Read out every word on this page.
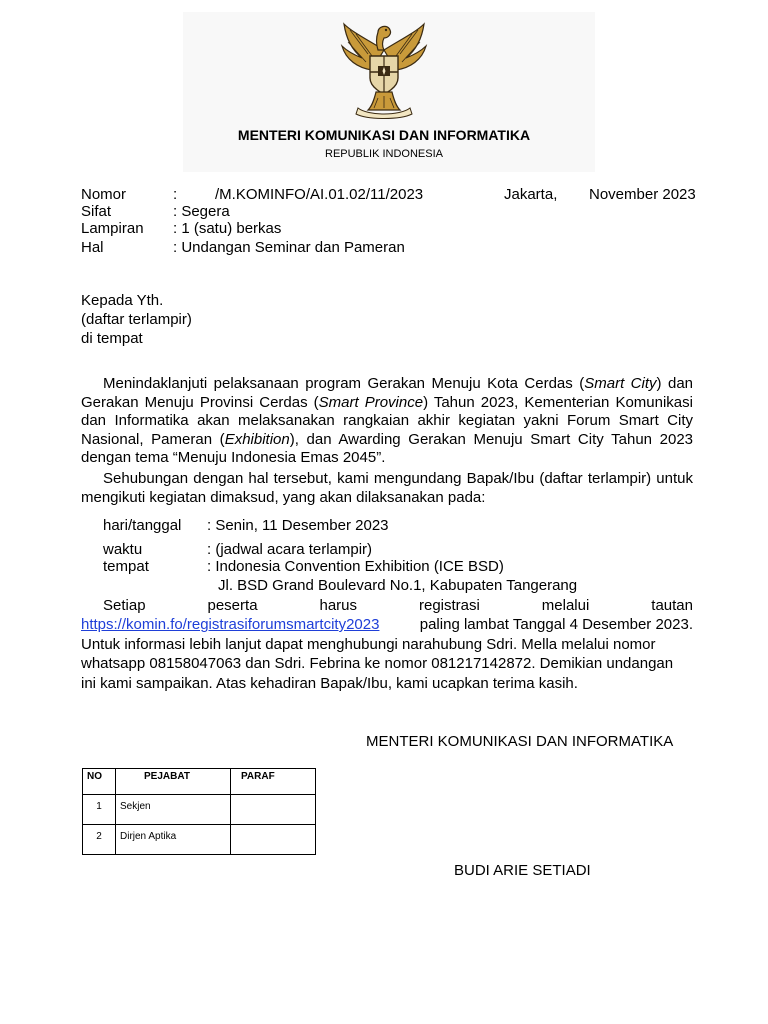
MENTERI KOMUNIKASI DAN INFORMATIKA
REPUBLIK INDONESIA
Nomor	:	/M.KOMINFO/AI.01.02/11/2023	Jakarta, November 2023
Sifat	: Segera
Lampiran : 1 (satu) berkas
Hal	: Undangan Seminar dan Pameran
Kepada Yth.
(daftar terlampir)
di tempat
Menindaklanjuti pelaksanaan program Gerakan Menuju Kota Cerdas (Smart City) dan Gerakan Menuju Provinsi Cerdas (Smart Province) Tahun 2023, Kementerian Komunikasi dan Informatika akan melaksanakan rangkaian akhir kegiatan yakni Forum Smart City Nasional, Pameran (Exhibition), dan Awarding Gerakan Menuju Smart City Tahun 2023 dengan tema “Menuju Indonesia Emas 2045”.
Sehubungan dengan hal tersebut, kami mengundang Bapak/Ibu (daftar terlampir) untuk mengikuti kegiatan dimaksud, yang akan dilaksanakan pada:
hari/tanggal : Senin, 11 Desember 2023
waktu	: (jadwal acara terlampir)
tempat	: Indonesia Convention Exhibition (ICE BSD)
Jl. BSD Grand Boulevard No.1, Kabupaten Tangerang
Setiap	peserta	harus	registrasi	melalui	tautan
https://komin.fo/registrasiforumsmartcity2023	paling lambat Tanggal 4 Desember 2023.
Untuk informasi lebih lanjut dapat menghubungi narahubung Sdri. Mella melalui nomor
whatsapp 08158047063 dan Sdri. Febrina ke nomor 081217142872. Demikian undangan
ini kami sampaikan. Atas kehadiran Bapak/Ibu, kami ucapkan terima kasih.
MENTERI KOMUNIKASI DAN INFORMATIKA
BUDI ARIE SETIADI
NO	PEJABAT	PARAF
1	Sekjen	
2	Dirjen Aptika	
